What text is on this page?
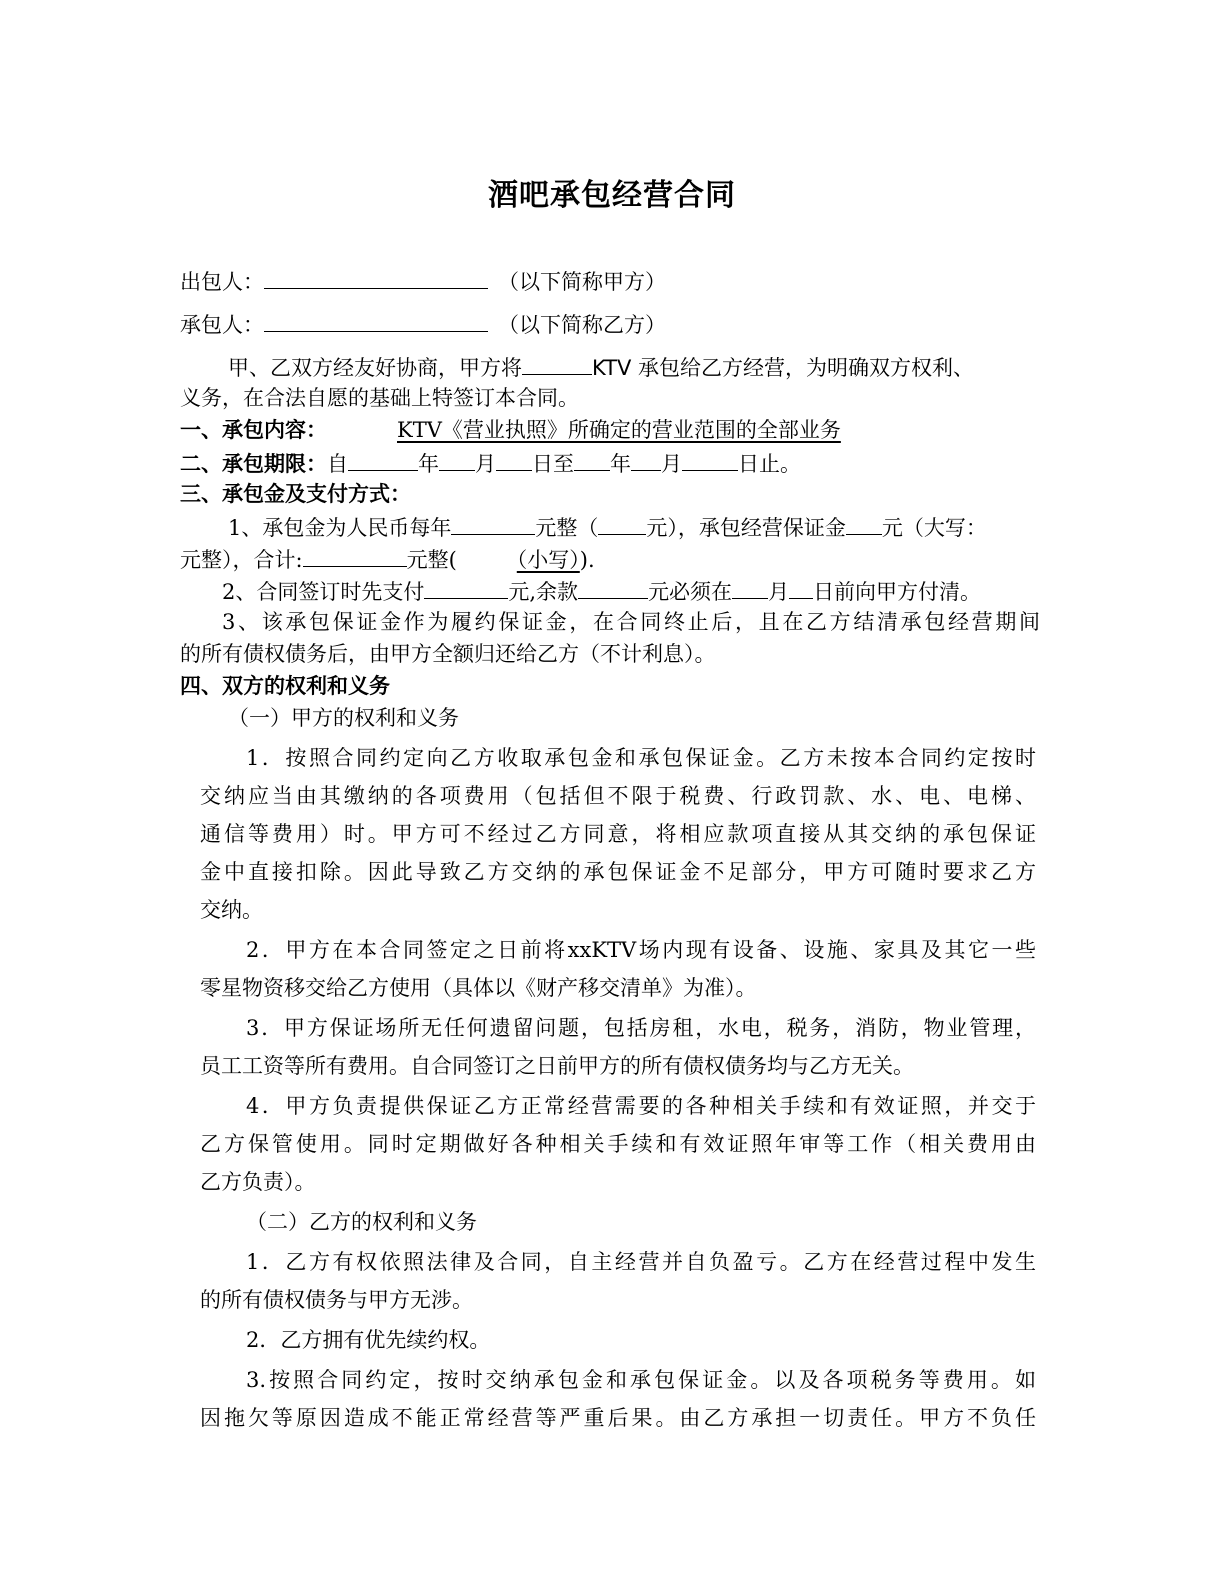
酒吧承包经营合同
出包人：	（以下简称甲方）
承包人：	（以下简称乙方）
甲、乙双方经友好协商，甲方将	KTV 承包给乙方经营，为明确双方权利、
义务，在合法自愿的基础上特签订本合同。
一、承包内容：	KTV《营业执照》所确定的营业范围的全部业务
二、承包期限：自	年 月 日至 年 月	日止。
三、承包金及支付方式：
1、承包金为人民币每年	元整（ 元），承包经营保证金 元（大写：
元整），合计:	元整(	（小写）).
2、合同签订时先支付	元,余款	元必须在 月 日前向甲方付清。
3、该承包保证金作为履约保证金，在合同终止后，且在乙方结清承包经营期间
的所有债权债务后，由甲方全额归还给乙方（不计利息）。
四、双方的权利和义务
（一）甲方的权利和义务
1．按照合同约定向乙方收取承包金和承包保证金。乙方未按本合同约定按时
交纳应当由其缴纳的各项费用（包括但不限于税费、行政罚款、水、电、电梯、
通信等费用）时。甲方可不经过乙方同意，将相应款项直接从其交纳的承包保证
金中直接扣除。因此导致乙方交纳的承包保证金不足部分，甲方可随时要求乙方
交纳。
2．甲方在本合同签定之日前将xxKTV场内现有设备、设施、家具及其它一些
零星物资移交给乙方使用（具体以《财产移交清单》为准）。
3．甲方保证场所无任何遗留问题，包括房租，水电，税务，消防，物业管理，
员工工资等所有费用。自合同签订之日前甲方的所有债权债务均与乙方无关。
4．甲方负责提供保证乙方正常经营需要的各种相关手续和有效证照，并交于
乙方保管使用。同时定期做好各种相关手续和有效证照年审等工作（相关费用由
乙方负责）。
（二）乙方的权利和义务
1．乙方有权依照法律及合同，自主经营并自负盈亏。乙方在经营过程中发生
的所有债权债务与甲方无涉。
2．乙方拥有优先续约权。
3.按照合同约定，按时交纳承包金和承包保证金。以及各项税务等费用。如
因拖欠等原因造成不能正常经营等严重后果。由乙方承担一切责任。甲方不负任
